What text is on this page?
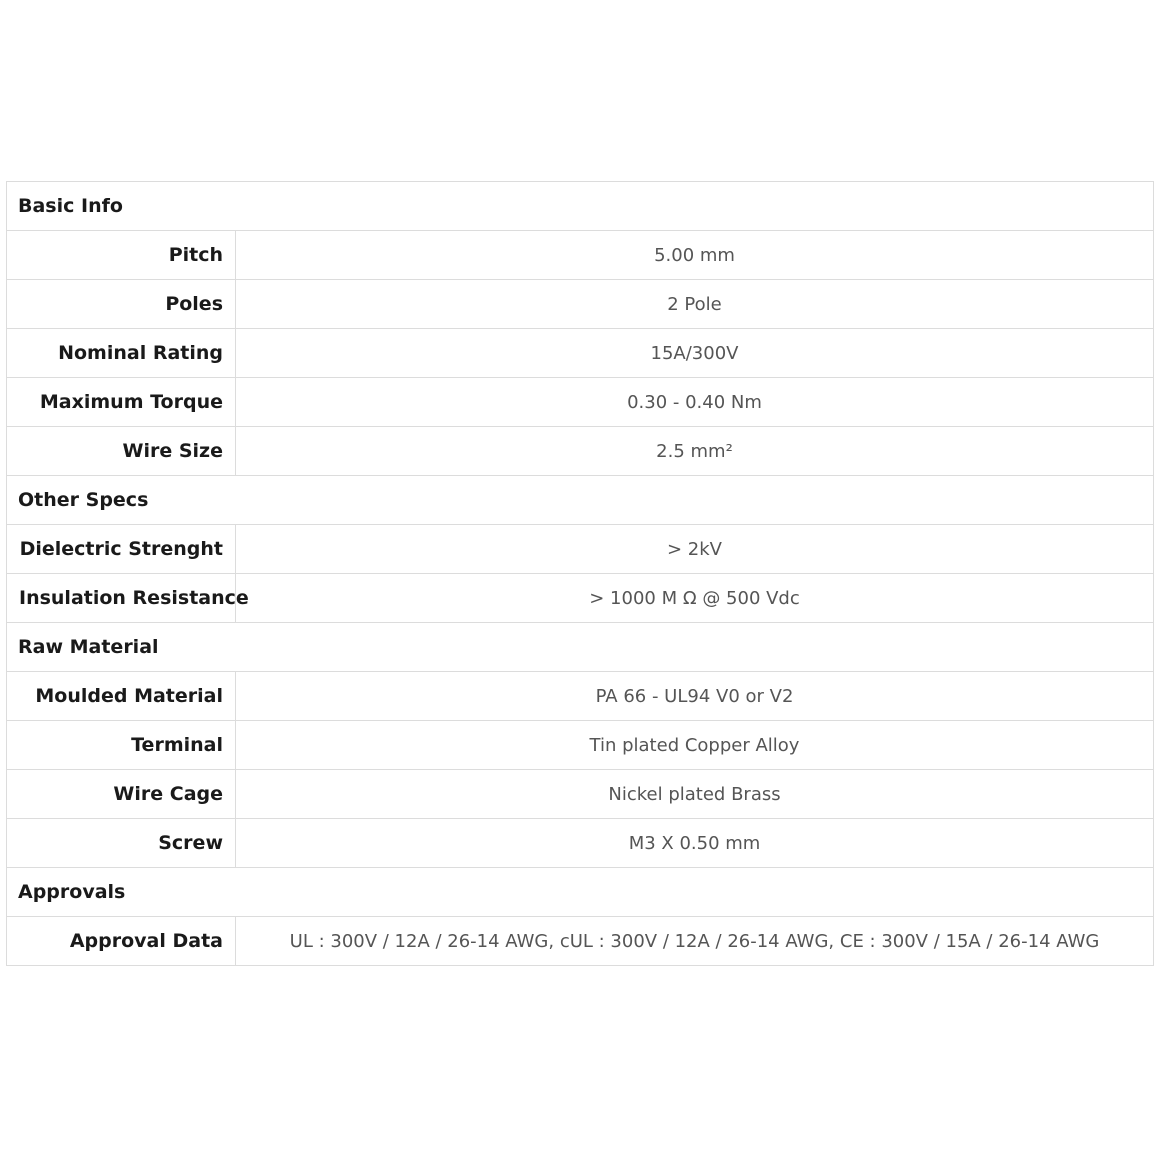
Basic Info	
Pitch	5.00 mm
Poles	2 Pole
Nominal Rating	15A/300V
Maximum Torque	0.30 - 0.40 Nm
Wire Size	2.5 mm²
Other Specs	
Dielectric Strenght	> 2kV
Insulation Resistance	> 1000 M Ω @ 500 Vdc
Raw Material	
Moulded Material	PA 66 - UL94 V0 or V2
Terminal	Tin plated Copper Alloy
Wire Cage	Nickel plated Brass
Screw	M3 X 0.50 mm
Approvals	
Approval Data	UL : 300V / 12A / 26-14 AWG, cUL : 300V / 12A / 26-14 AWG, CE : 300V / 15A / 26-14 AWG
